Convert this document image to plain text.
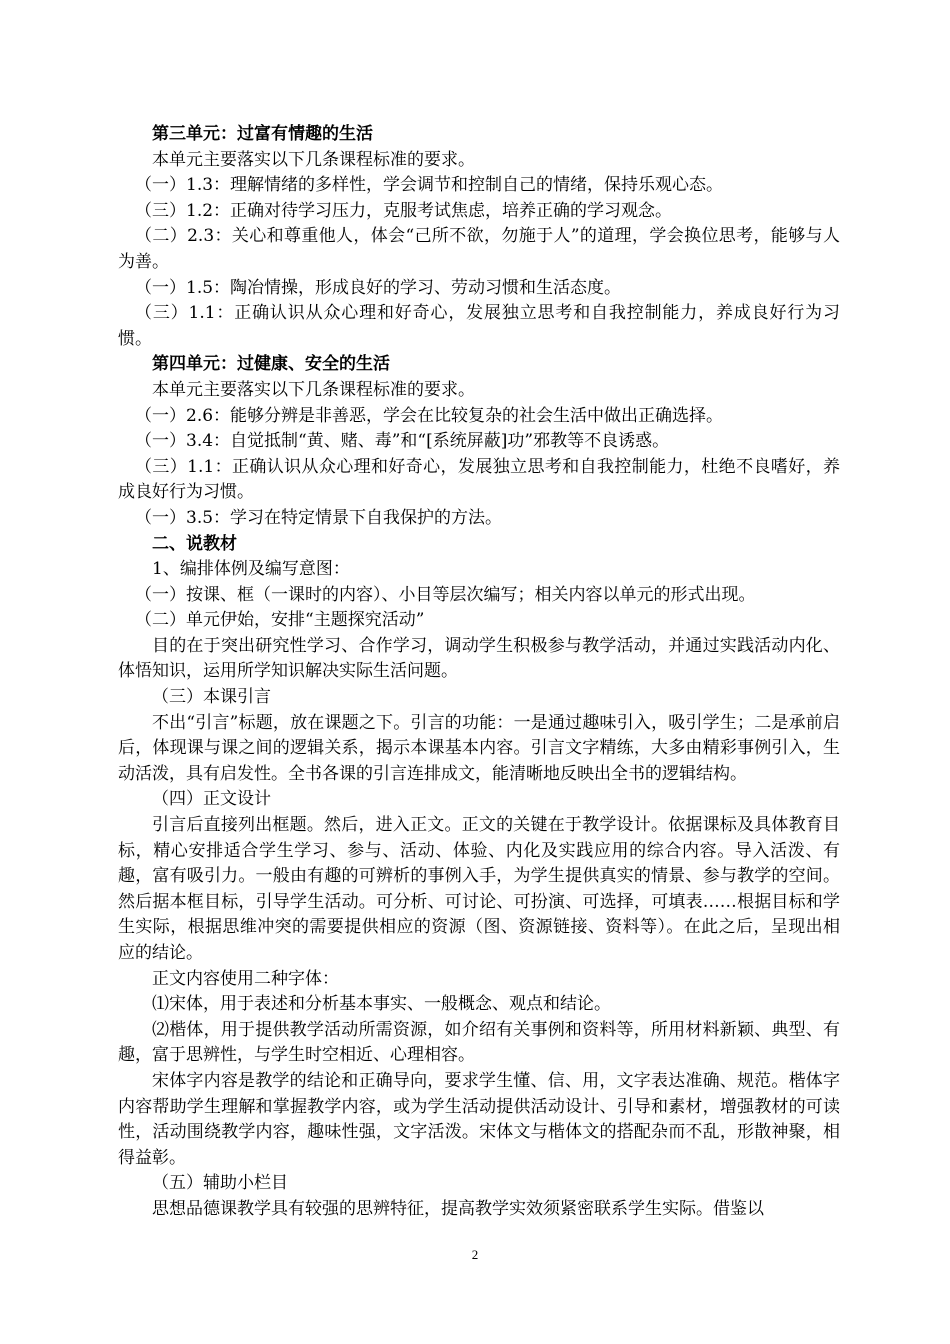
第三单元：过富有情趣的生活

本单元主要落实以下几条课程标准的要求。

（一）1.3：理解情绪的多样性，学会调节和控制自己的情绪，保持乐观心态。

（三）1.2：正确对待学习压力，克服考试焦虑，培养正确的学习观念。

（二）2.3：关心和尊重他人，体会“己所不欲，勿施于人”的道理，学会换位思考，能够与人为善。

（一）1.5：陶冶情操，形成良好的学习、劳动习惯和生活态度。

（三）1.1：正确认识从众心理和好奇心，发展独立思考和自我控制能力，养成良好行为习惯。

第四单元：过健康、安全的生活

本单元主要落实以下几条课程标准的要求。

（一）2.6：能够分辨是非善恶，学会在比较复杂的社会生活中做出正确选择。

（一）3.4：自觉抵制“黄、赌、毒”和“[系统屏蔽]功”邪教等不良诱惑。

（三）1.1：正确认识从众心理和好奇心，发展独立思考和自我控制能力，杜绝不良嗜好，养成良好行为习惯。

（一）3.5：学习在特定情景下自我保护的方法。

二、说教材

1、编排体例及编写意图：

（一）按课、框（一课时的内容）、小目等层次编写；相关内容以单元的形式出现。

（二）单元伊始，安排“主题探究活动”

目的在于突出研究性学习、合作学习，调动学生积极参与教学活动，并通过实践活动内化、体悟知识，运用所学知识解决实际生活问题。

（三）本课引言

不出“引言”标题，放在课题之下。引言的功能：一是通过趣味引入，吸引学生；二是承前启后，体现课与课之间的逻辑关系，揭示本课基本内容。引言文字精练，大多由精彩事例引入，生动活泼，具有启发性。全书各课的引言连排成文，能清晰地反映出全书的逻辑结构。

（四）正文设计

引言后直接列出框题。然后，进入正文。正文的关键在于教学设计。依据课标及具体教育目标，精心安排适合学生学习、参与、活动、体验、内化及实践应用的综合内容。导入活泼、有趣，富有吸引力。一般由有趣的可辨析的事例入手，为学生提供真实的情景、参与教学的空间。然后据本框目标，引导学生活动。可分析、可讨论、可扮演、可选择，可填表……根据目标和学生实际，根据思维冲突的需要提供相应的资源（图、资源链接、资料等）。在此之后，呈现出相应的结论。

正文内容使用二种字体：

⑴宋体，用于表述和分析基本事实、一般概念、观点和结论。

⑵楷体，用于提供教学活动所需资源，如介绍有关事例和资料等，所用材料新颖、典型、有趣，富于思辨性，与学生时空相近、心理相容。

宋体字内容是教学的结论和正确导向，要求学生懂、信、用，文字表达准确、规范。楷体字内容帮助学生理解和掌握教学内容，或为学生活动提供活动设计、引导和素材，增强教材的可读性，活动围绕教学内容，趣味性强，文字活泼。宋体文与楷体文的搭配杂而不乱，形散神聚，相得益彰。

（五）辅助小栏目

思想品德课教学具有较强的思辨特征，提高教学实效须紧密联系学生实际。借鉴以

2
